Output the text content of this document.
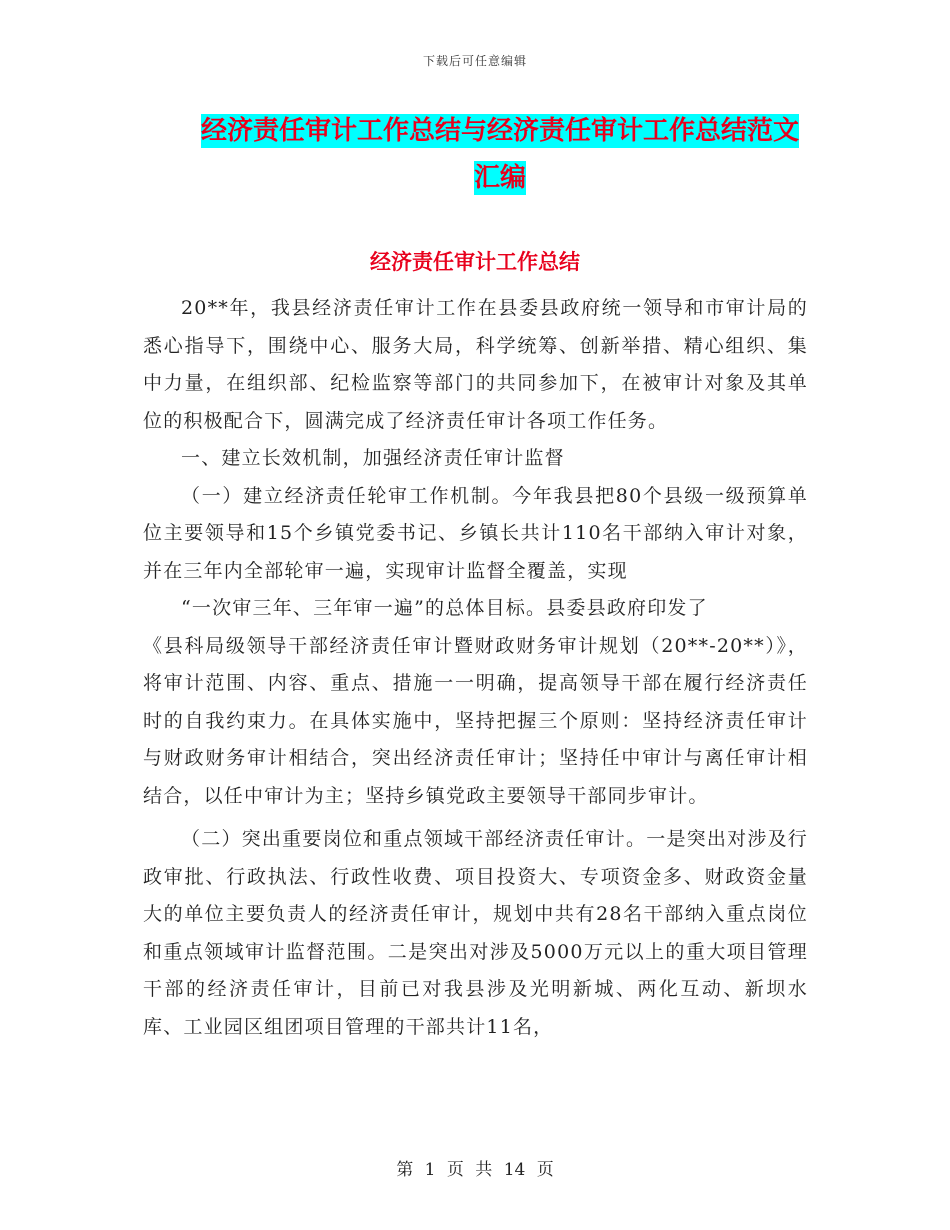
下载后可任意编辑
经济责任审计工作总结与经济责任审计工作总结范文
汇编
经济责任审计工作总结

20**年，我县经济责任审计工作在县委县政府统一领导和市审计局的悉心指导下，围绕中心、服务大局，科学统筹、创新举措、精心组织、集中力量，在组织部、纪检监察等部门的共同参加下，在被审计对象及其单位的积极配合下，圆满完成了经济责任审计各项工作任务。

一、建立长效机制，加强经济责任审计监督

（一）建立经济责任轮审工作机制。今年我县把80个县级一级预算单位主要领导和15个乡镇党委书记、乡镇长共计110名干部纳入审计对象，并在三年内全部轮审一遍，实现审计监督全覆盖，实现

“一次审三年、三年审一遍”的总体目标。县委县政府印发了

《县科局级领导干部经济责任审计暨财政财务审计规划（20**-20**）》，将审计范围、内容、重点、措施一一明确，提高领导干部在履行经济责任时的自我约束力。在具体实施中，坚持把握三个原则：坚持经济责任审计与财政财务审计相结合，突出经济责任审计；坚持任中审计与离任审计相结合，以任中审计为主；坚持乡镇党政主要领导干部同步审计。

（二）突出重要岗位和重点领域干部经济责任审计。一是突出对涉及行政审批、行政执法、行政性收费、项目投资大、专项资金多、财政资金量大的单位主要负责人的经济责任审计，规划中共有28名干部纳入重点岗位和重点领域审计监督范围。二是突出对涉及5000万元以上的重大项目管理干部的经济责任审计，目前已对我县涉及光明新城、两化互动、新坝水库、工业园区组团项目管理的干部共计11名，

第 1 页 共 14 页
